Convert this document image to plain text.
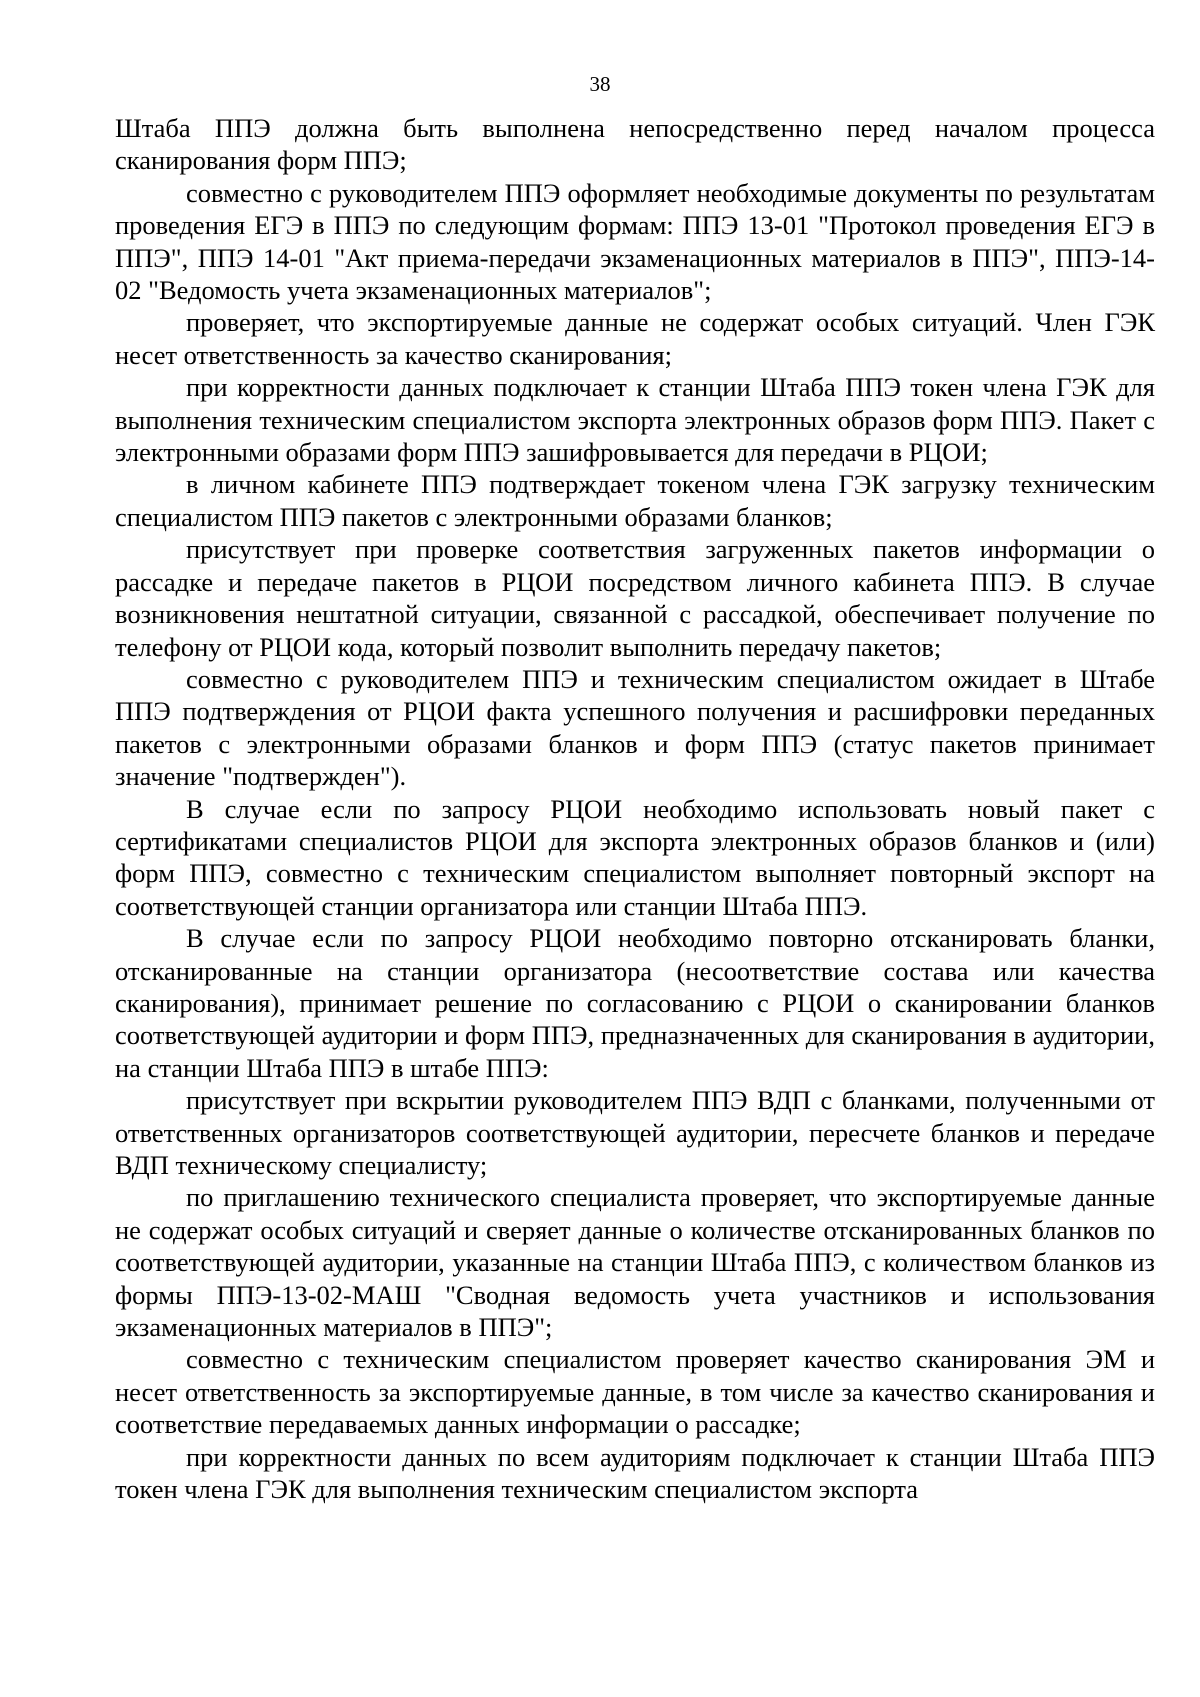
38

Штаба ППЭ должна быть выполнена непосредственно перед началом процесса сканирования форм ППЭ;

совместно с руководителем ППЭ оформляет необходимые документы по результатам проведения ЕГЭ в ППЭ по следующим формам: ППЭ 13-01 "Протокол проведения ЕГЭ в ППЭ", ППЭ 14-01 "Акт приема-передачи экзаменационных материалов в ППЭ", ППЭ-14-02 "Ведомость учета экзаменационных материалов";

проверяет, что экспортируемые данные не содержат особых ситуаций. Член ГЭК несет ответственность за качество сканирования;

при корректности данных подключает к станции Штаба ППЭ токен члена ГЭК для выполнения техническим специалистом экспорта электронных образов форм ППЭ. Пакет с электронными образами форм ППЭ зашифровывается для передачи в РЦОИ;

в личном кабинете ППЭ подтверждает токеном члена ГЭК загрузку техническим специалистом ППЭ пакетов с электронными образами бланков;

присутствует при проверке соответствия загруженных пакетов информации о рассадке и передаче пакетов в РЦОИ посредством личного кабинета ППЭ. В случае возникновения нештатной ситуации, связанной с рассадкой, обеспечивает получение по телефону от РЦОИ кода, который позволит выполнить передачу пакетов;

совместно с руководителем ППЭ и техническим специалистом ожидает в Штабе ППЭ подтверждения от РЦОИ факта успешного получения и расшифровки переданных пакетов с электронными образами бланков и форм ППЭ (статус пакетов принимает значение "подтвержден").

В случае если по запросу РЦОИ необходимо использовать новый пакет с сертификатами специалистов РЦОИ для экспорта электронных образов бланков и (или) форм ППЭ, совместно с техническим специалистом выполняет повторный экспорт на соответствующей станции организатора или станции Штаба ППЭ.

В случае если по запросу РЦОИ необходимо повторно отсканировать бланки, отсканированные на станции организатора (несоответствие состава или качества сканирования), принимает решение по согласованию с РЦОИ о сканировании бланков соответствующей аудитории и форм ППЭ, предназначенных для сканирования в аудитории, на станции Штаба ППЭ в штабе ППЭ:

присутствует при вскрытии руководителем ППЭ ВДП с бланками, полученными от ответственных организаторов соответствующей аудитории, пересчете бланков и передаче ВДП техническому специалисту;

по приглашению технического специалиста проверяет, что экспортируемые данные не содержат особых ситуаций и сверяет данные о количестве отсканированных бланков по соответствующей аудитории, указанные на станции Штаба ППЭ, с количеством бланков из формы ППЭ-13-02-МАШ "Сводная ведомость учета участников и использования экзаменационных материалов в ППЭ";

совместно с техническим специалистом проверяет качество сканирования ЭМ и несет ответственность за экспортируемые данные, в том числе за качество сканирования и соответствие передаваемых данных информации о рассадке;

при корректности данных по всем аудиториям подключает к станции Штаба ППЭ токен члена ГЭК для выполнения техническим специалистом экспорта
